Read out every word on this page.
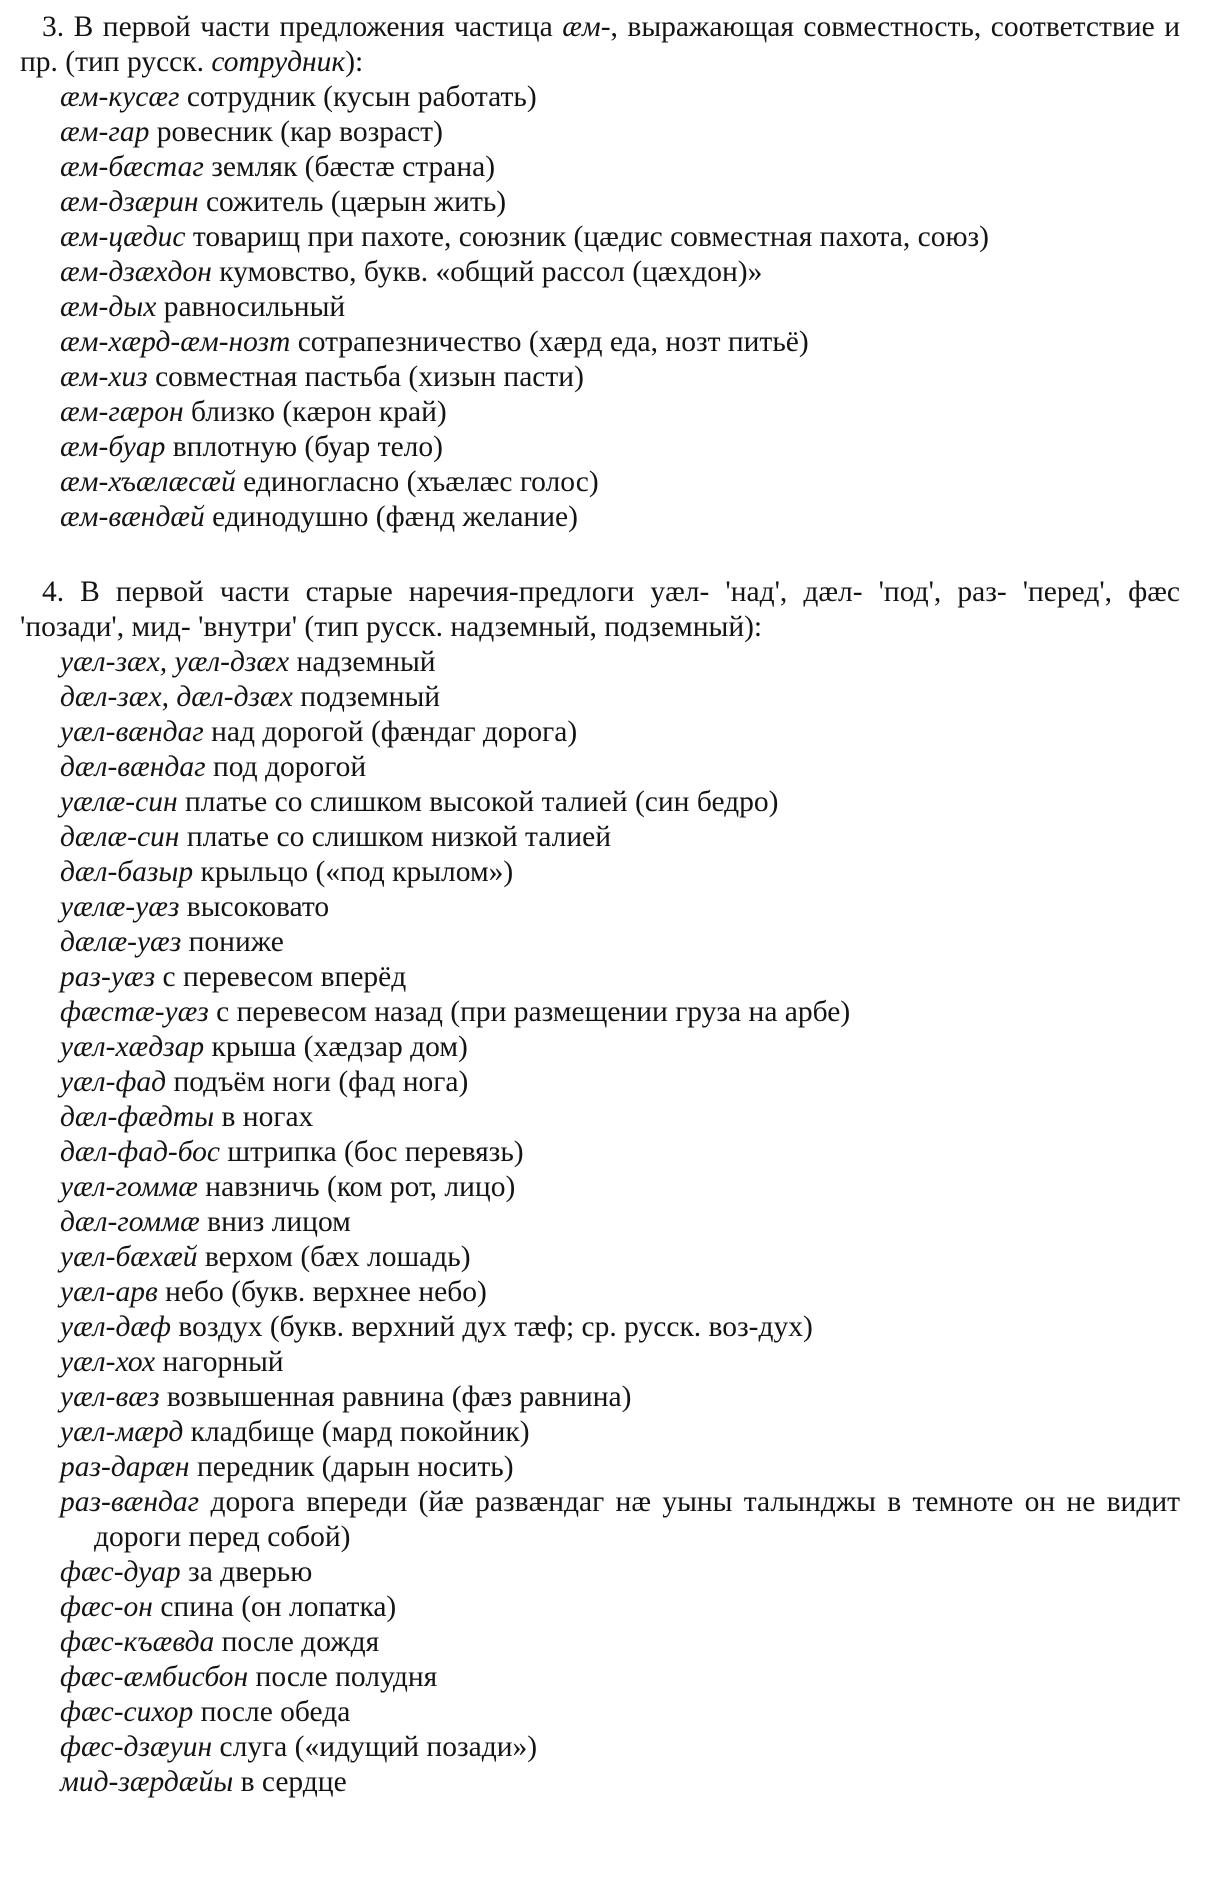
3. В первой части предложения частица ӕм-, выражающая совместность, соответствие и пр. (тип русск. сотрудник):
ӕм-кусӕг сотрудник (кусын работать)
ӕм-гар ровесник (кар возраст)
ӕм-бӕстаг земляк (бӕстӕ страна)
ӕм-дзӕрин сожитель (цӕрын жить)
ӕм-цӕдис товарищ при пахоте, союзник (цӕдис совместная пахота, союз)
ӕм-дзӕхдон кумовство, букв. «общий рассол (цӕхдон)»
ӕм-дых равносильный
ӕм-хӕрд-ӕм-нозт сотрапезничество (хӕрд еда, нозт питьё)
ӕм-хиз совместная пастьба (хизын пасти)
ӕм-гӕрон близко (кӕрон край)
ӕм-буар вплотную (буар тело)
ӕм-хъӕлӕсӕй единогласно (хъӕлӕс голос)
ӕм-вӕндӕй единодушно (фӕнд желание)
4. В первой части старые наречия-предлоги уӕл- 'над', дӕл- 'под', раз- 'перед', фӕс 'позади', мид- 'внутри' (тип русск. надземный, подземный):
уӕл-зӕх, уӕл-дзӕх надземный
дӕл-зӕх, дӕл-дзӕх подземный
уӕл-вӕндаг над дорогой (фӕндаг дорога)
дӕл-вӕндаг под дорогой
уӕлӕ-син платье со слишком высокой талией (син бедро)
дӕлӕ-син платье со слишком низкой талией
дӕл-базыр крыльцо («под крылом»)
уӕлӕ-уӕз высоковато
дӕлӕ-уӕз пониже
раз-уӕз с перевесом вперёд
фӕстӕ-уӕз с перевесом назад (при размещении груза на арбе)
уӕл-хӕдзар крыша (хӕдзар дом)
уӕл-фад подъём ноги (фад нога)
дӕл-фӕдты в ногах
дӕл-фад-бос штрипка (бос перевязь)
уӕл-гоммӕ навзничь (ком рот, лицо)
дӕл-гоммӕ вниз лицом
уӕл-бӕхӕй верхом (бӕх лошадь)
уӕл-арв небо (букв. верхнее небо)
уӕл-дӕф воздух (букв. верхний дух тӕф; ср. русск. воз-дух)
уӕл-хох нагорный
уӕл-вӕз возвышенная равнина (фӕз равнина)
уӕл-мӕрд кладбище (мард покойник)
раз-дарӕн передник (дарын носить)
раз-вӕндаг дорога впереди (йӕ развӕндаг нӕ уыны талынджы в темноте он не видит дороги перед собой)
фӕс-дуар за дверью
фӕс-он спина (он лопатка)
фӕс-къӕвда после дождя
фӕс-ӕмбисбон после полудня
фӕс-сихор после обеда
фӕс-дзӕуин слуга («идущий позади»)
мид-зӕрдӕйы в сердце
